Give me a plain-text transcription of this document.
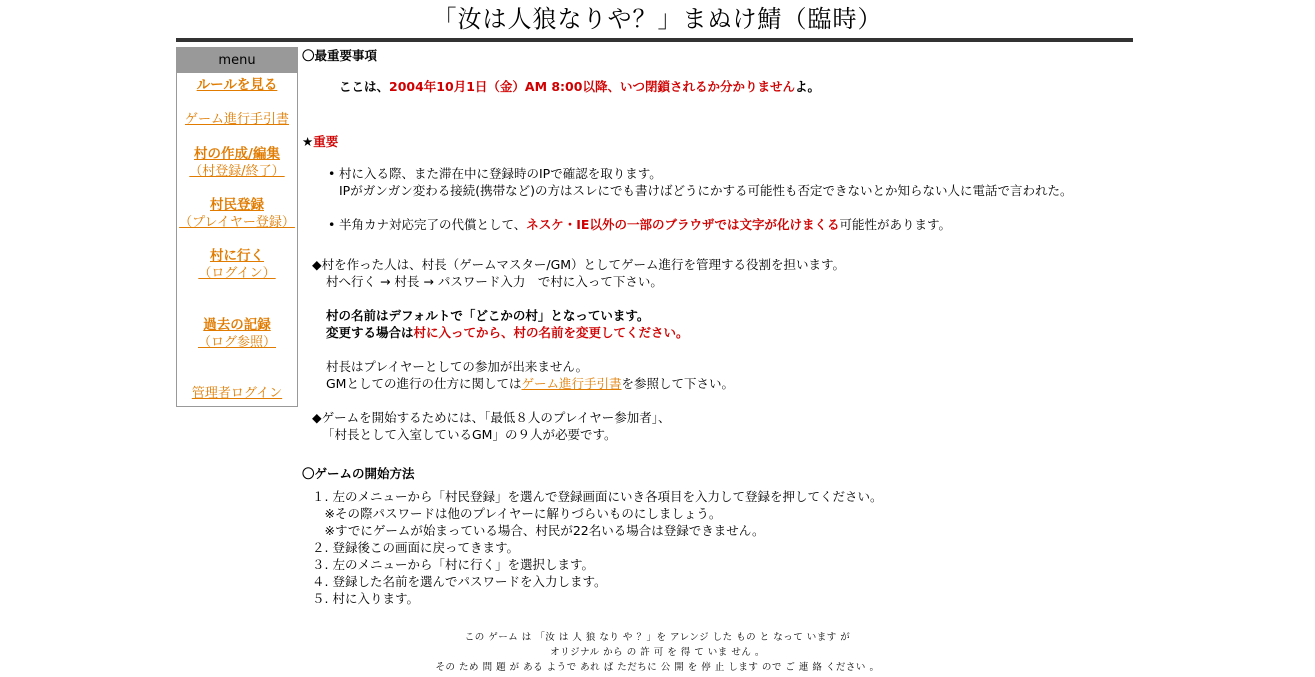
「汝は人狼なりや？」まぬけ鯖（臨時）
menu
ルールを見る
ゲーム進行手引書
村の作成/編集
（村登録/終了）
村民登録
（プレイヤー登録）
村に行く
（ログイン）
過去の記録
（ログ参照）
管理者ログイン
〇最重要事項
ここは、2004年10月1日（金）AM 8:00以降、いつ閉鎖されるか分かりませんよ。
★重要
• 村に入る際、また滞在中に登録時のIPで確認を取ります。
IPがガンガン変わる接続(携帯など)の方はスレにでも書けばどうにかする可能性も否定できないとか知らない人に電話で言われた。
• 半角カナ対応完了の代償として、ネスケ・IE以外の一部のブラウザでは文字が化けまくる可能性があります。
◆村を作った人は、村長（ゲームマスター/GM）としてゲーム進行を管理する役割を担います。
村へ行く → 村長 → パスワード入力　で村に入って下さい。
村の名前はデフォルトで「どこかの村」となっています。
変更する場合は村に入ってから、村の名前を変更してください。
村長はプレイヤーとしての参加が出来ません。
GMとしての進行の仕方に関してはゲーム進行手引書を参照して下さい。
◆ゲームを開始するためには、「最低８人のプレイヤー参加者」、
「村長として入室しているGM」の９人が必要です。
〇ゲームの開始方法
１. 左のメニューから「村民登録」を選んで登録画面にいき各項目を入力して登録を押してください。
　※その際パスワードは他のプレイヤーに解りづらいものにしましょう。
　※すでにゲームが始まっている場合、村民が22名いる場合は登録できません。
２. 登録後この画面に戻ってきます。
３. 左のメニューから「村に行く」を選択します。
４. 登録した名前を選んでパスワードを入力します。
５. 村に入ります。
この ゲーム は 「汝 は 人 狼 なり や ？」を アレンジ した もの と なって います が
オリジナル から の 許 可 を 得 て いま せん 。
その ため 問 題 が ある ようで あれ ば ただちに 公 開 を 停 止 します ので ご 連 絡 ください 。
